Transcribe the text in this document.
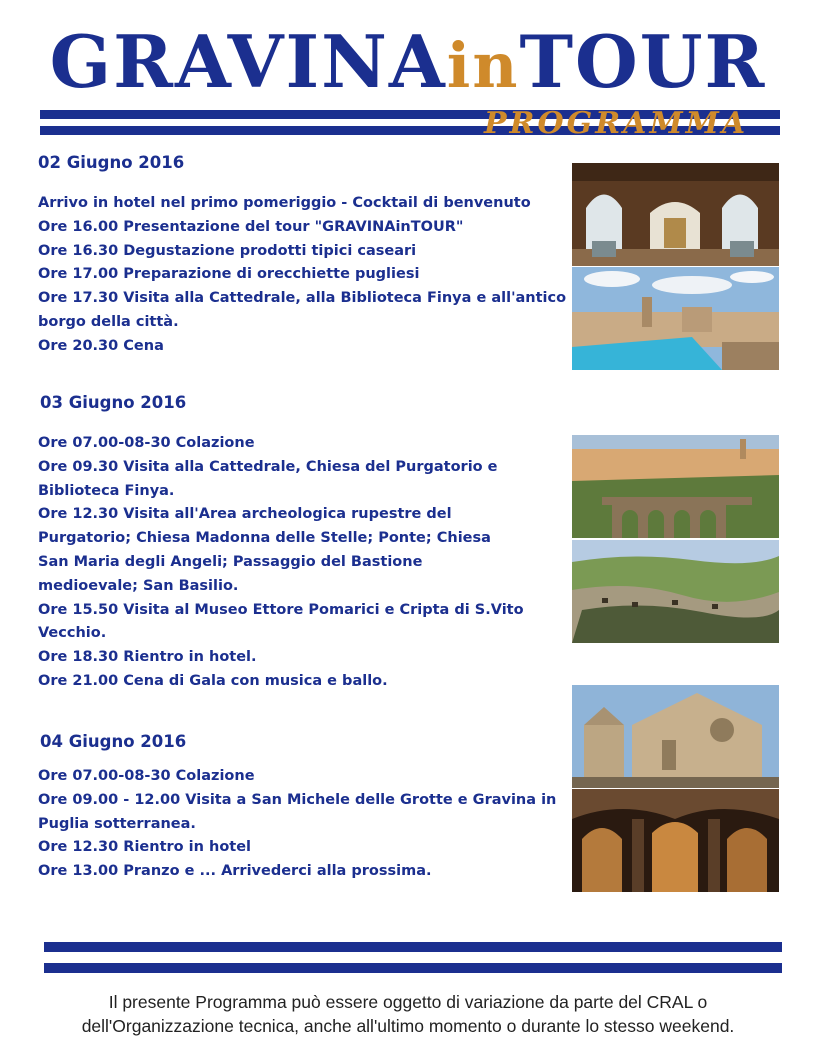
GRAVINAinTOUR
PROGRAMMA
02 Giugno 2016
Arrivo in hotel nel primo pomeriggio - Cocktail di benvenuto
Ore 16.00 Presentazione del tour "GRAVINAinTOUR"
Ore 16.30 Degustazione prodotti tipici caseari
Ore 17.00 Preparazione di orecchiette pugliesi
Ore 17.30 Visita alla Cattedrale, alla Biblioteca Finya e all'antico
borgo della città.
Ore 20.30 Cena
03 Giugno 2016
Ore 07.00-08-30 Colazione
Ore 09.30 Visita alla Cattedrale, Chiesa del Purgatorio e
Biblioteca Finya.
Ore 12.30 Visita all'Area archeologica rupestre del
Purgatorio; Chiesa Madonna delle Stelle; Ponte; Chiesa
San Maria degli Angeli; Passaggio del Bastione
medioevale; San Basilio.
Ore 15.50 Visita al Museo Ettore Pomarici e Cripta di S.Vito
Vecchio.
Ore 18.30 Rientro in hotel.
Ore 21.00 Cena di Gala con musica e ballo.
04 Giugno 2016
Ore 07.00-08-30 Colazione
Ore 09.00 - 12.00 Visita a San Michele delle Grotte e Gravina in
Puglia sotterranea.
Ore 12.30 Rientro in hotel
Ore 13.00 Pranzo e ... Arrivederci alla prossima.
Il presente Programma può essere oggetto di variazione da parte del CRAL o
dell'Organizzazione tecnica, anche all'ultimo momento o durante lo stesso weekend.
